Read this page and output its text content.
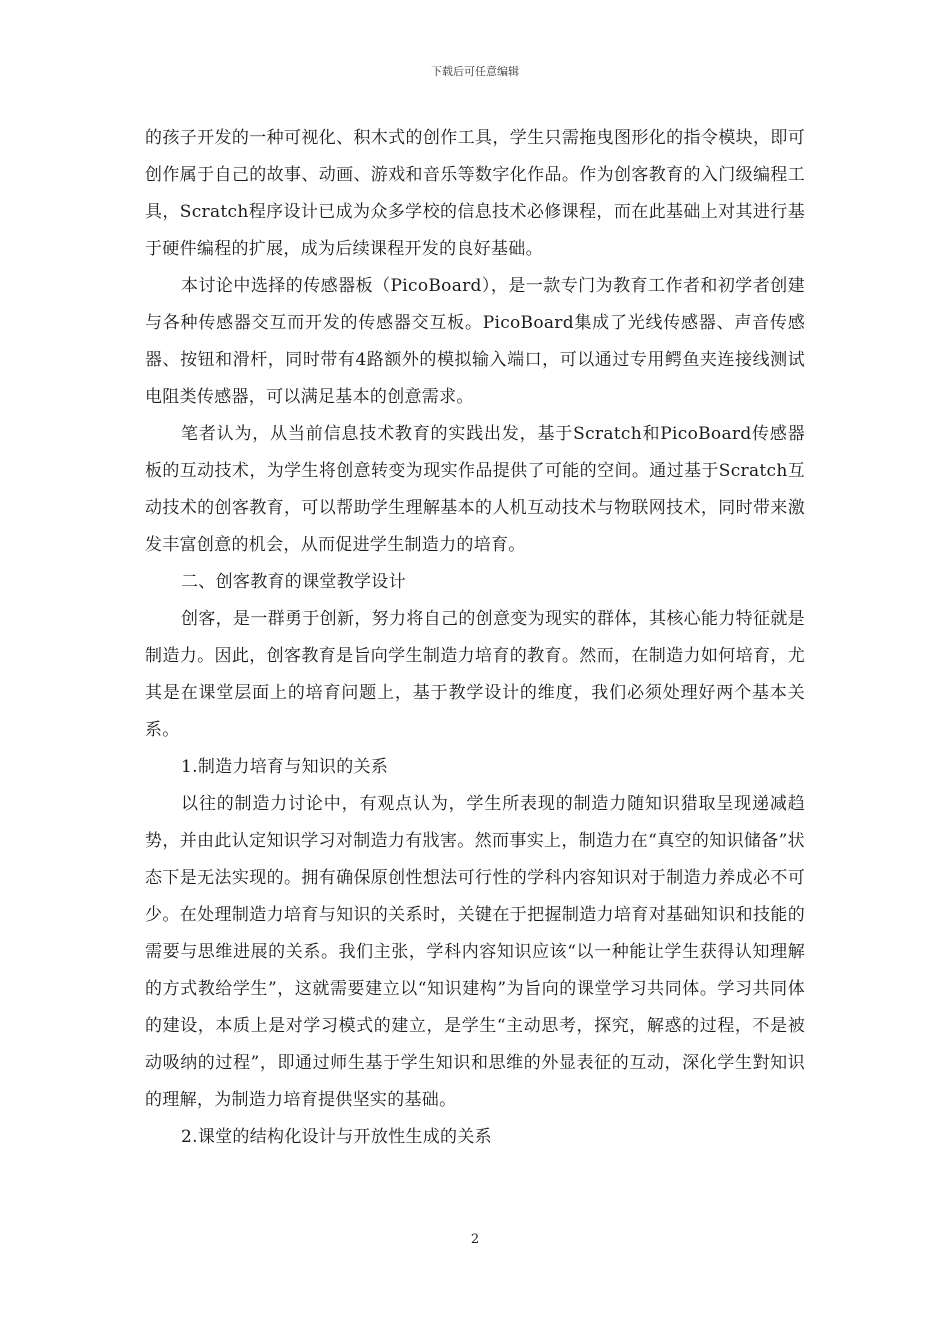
下载后可任意编辑

的孩子开发的一种可视化、积木式的创作工具，学生只需拖曳图形化的指令模块，即可创作属于自己的故事、动画、游戏和音乐等数字化作品。作为创客教育的入门级编程工具，Scratch程序设计已成为众多学校的信息技术必修课程，而在此基础上对其进行基于硬件编程的扩展，成为后续课程开发的良好基础。

本讨论中选择的传感器板（PicoBoard），是一款专门为教育工作者和初学者创建与各种传感器交互而开发的传感器交互板。PicoBoard集成了光线传感器、声音传感器、按钮和滑杆，同时带有4路额外的模拟输入端口，可以通过专用鳄鱼夹连接线测试电阻类传感器，可以满足基本的创意需求。

笔者认为，从当前信息技术教育的实践出发，基于Scratch和PicoBoard传感器板的互动技术，为学生将创意转变为现实作品提供了可能的空间。通过基于Scratch互动技术的创客教育，可以帮助学生理解基本的人机互动技术与物联网技术，同时带来激发丰富创意的机会，从而促进学生制造力的培育。

二、创客教育的课堂教学设计

创客，是一群勇于创新，努力将自己的创意变为现实的群体，其核心能力特征就是制造力。因此，创客教育是旨向学生制造力培育的教育。然而，在制造力如何培育，尤其是在课堂层面上的培育问题上，基于教学设计的维度，我们必须处理好两个基本关系。

1.制造力培育与知识的关系

以往的制造力讨论中，有观点认为，学生所表现的制造力随知识猎取呈现递减趋势，并由此认定知识学习对制造力有戕害。然而事实上，制造力在“真空的知识储备”状态下是无法实现的。拥有确保原创性想法可行性的学科内容知识对于制造力养成必不可少。在处理制造力培育与知识的关系时，关键在于把握制造力培育对基础知识和技能的需要与思维进展的关系。我们主张，学科内容知识应该“以一种能让学生获得认知理解的方式教给学生”，这就需要建立以“知识建构”为旨向的课堂学习共同体。学习共同体的建设，本质上是对学习模式的建立，是学生“主动思考，探究，解惑的过程，不是被动吸纳的过程”，即通过师生基于学生知识和思维的外显表征的互动，深化学生對知识的理解，为制造力培育提供坚实的基础。

2.课堂的结构化设计与开放性生成的关系

2
